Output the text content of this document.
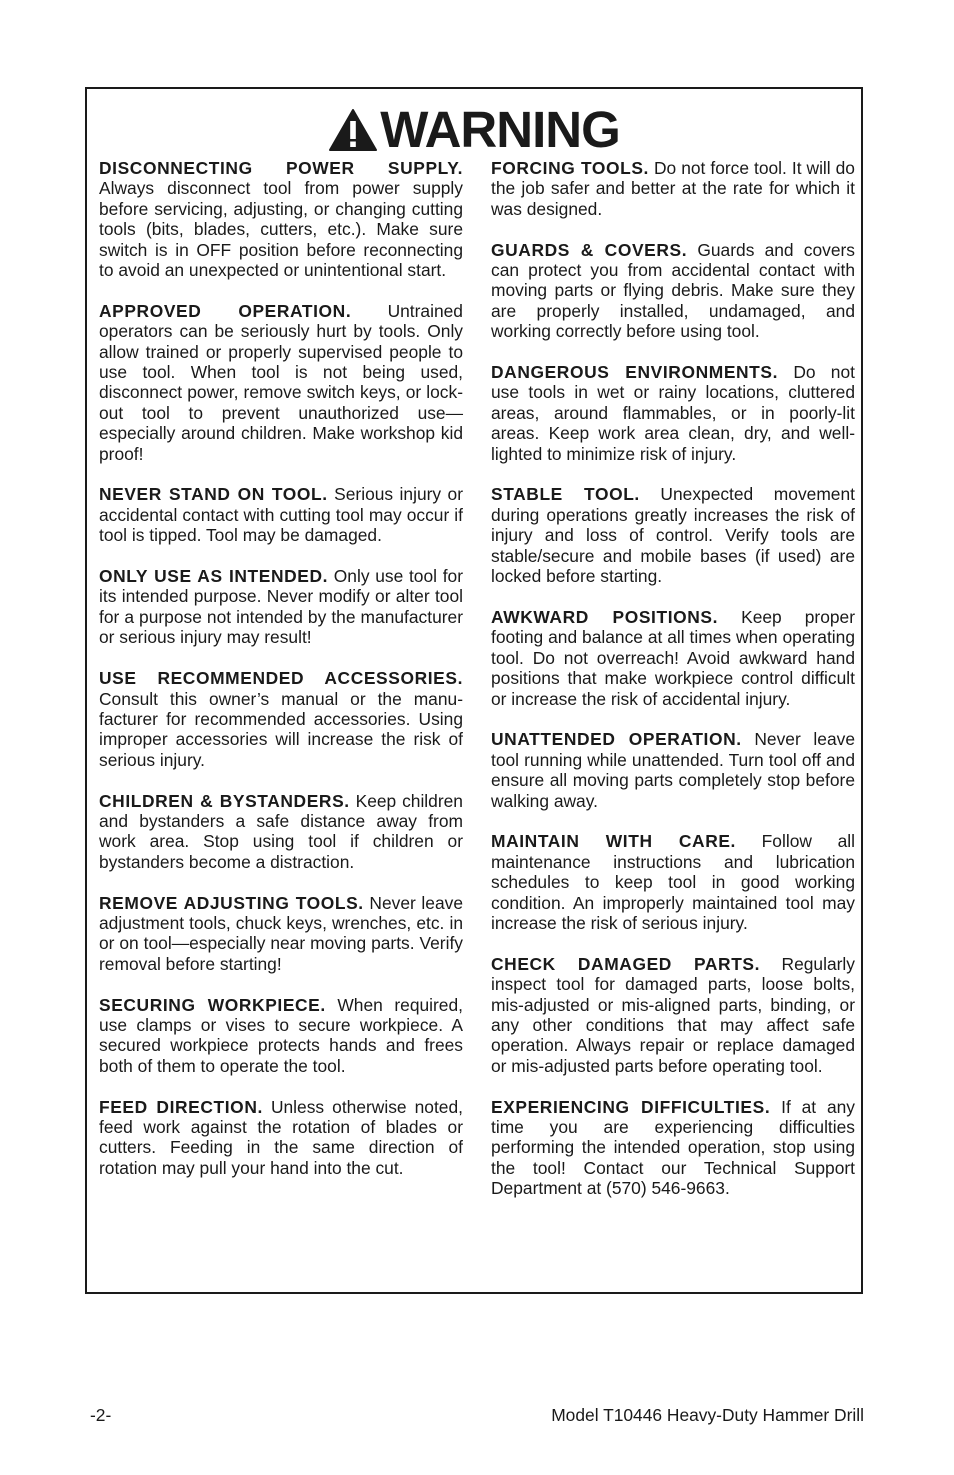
WARNING

DISCONNECTING POWER SUPPLY. Always disconnect tool from power supply before servicing, adjusting, or changing cutting tools (bits, blades, cutters, etc.). Make sure switch is in OFF position before reconnecting to avoid an unexpected or unintentional start.

APPROVED OPERATION. Untrained operators can be seriously hurt by tools. Only allow trained or properly supervised people to use tool. When tool is not being used, disconnect power, remove switch keys, or lock-out tool to prevent unauthorized use—especially around children. Make workshop kid proof!

NEVER STAND ON TOOL. Serious injury or accidental contact with cutting tool may occur if tool is tipped. Tool may be damaged.

ONLY USE AS INTENDED. Only use tool for its intended purpose. Never modify or alter tool for a purpose not intended by the manufacturer or serious injury may result!

USE RECOMMENDED ACCESSORIES. Consult this owner’s manual or the manufacturer for recommended accessories. Using improper accessories will increase the risk of serious injury.

CHILDREN & BYSTANDERS. Keep children and bystanders a safe distance away from work area. Stop using tool if children or bystanders become a distraction.

REMOVE ADJUSTING TOOLS. Never leave adjustment tools, chuck keys, wrenches, etc. in or on tool—especially near moving parts. Verify removal before starting!

SECURING WORKPIECE. When required, use clamps or vises to secure workpiece. A secured workpiece protects hands and frees both of them to operate the tool.

FEED DIRECTION. Unless otherwise noted, feed work against the rotation of blades or cutters. Feeding in the same direction of rotation may pull your hand into the cut.

FORCING TOOLS. Do not force tool. It will do the job safer and better at the rate for which it was designed.

GUARDS & COVERS. Guards and covers can protect you from accidental contact with moving parts or flying debris. Make sure they are properly installed, undamaged, and working correctly before using tool.

DANGEROUS ENVIRONMENTS. Do not use tools in wet or rainy locations, cluttered areas, around flammables, or in poorly-lit areas. Keep work area clean, dry, and well-lighted to minimize risk of injury.

STABLE TOOL. Unexpected movement during operations greatly increases the risk of injury and loss of control. Verify tools are stable/secure and mobile bases (if used) are locked before starting.

AWKWARD POSITIONS. Keep proper footing and balance at all times when operating tool. Do not overreach! Avoid awkward hand positions that make workpiece control difficult or increase the risk of accidental injury.

UNATTENDED OPERATION. Never leave tool running while unattended. Turn tool off and ensure all moving parts completely stop before walking away.

MAINTAIN WITH CARE. Follow all maintenance instructions and lubrication schedules to keep tool in good working condition. An improperly maintained tool may increase the risk of serious injury.

CHECK DAMAGED PARTS. Regularly inspect tool for damaged parts, loose bolts, mis-adjusted or mis-aligned parts, binding, or any other conditions that may affect safe operation. Always repair or replace damaged or mis-adjusted parts before operating tool.

EXPERIENCING DIFFICULTIES. If at any time you are experiencing difficulties performing the intended operation, stop using the tool! Contact our Technical Support Department at (570) 546-9663.

-2-	Model T10446 Heavy-Duty Hammer Drill
